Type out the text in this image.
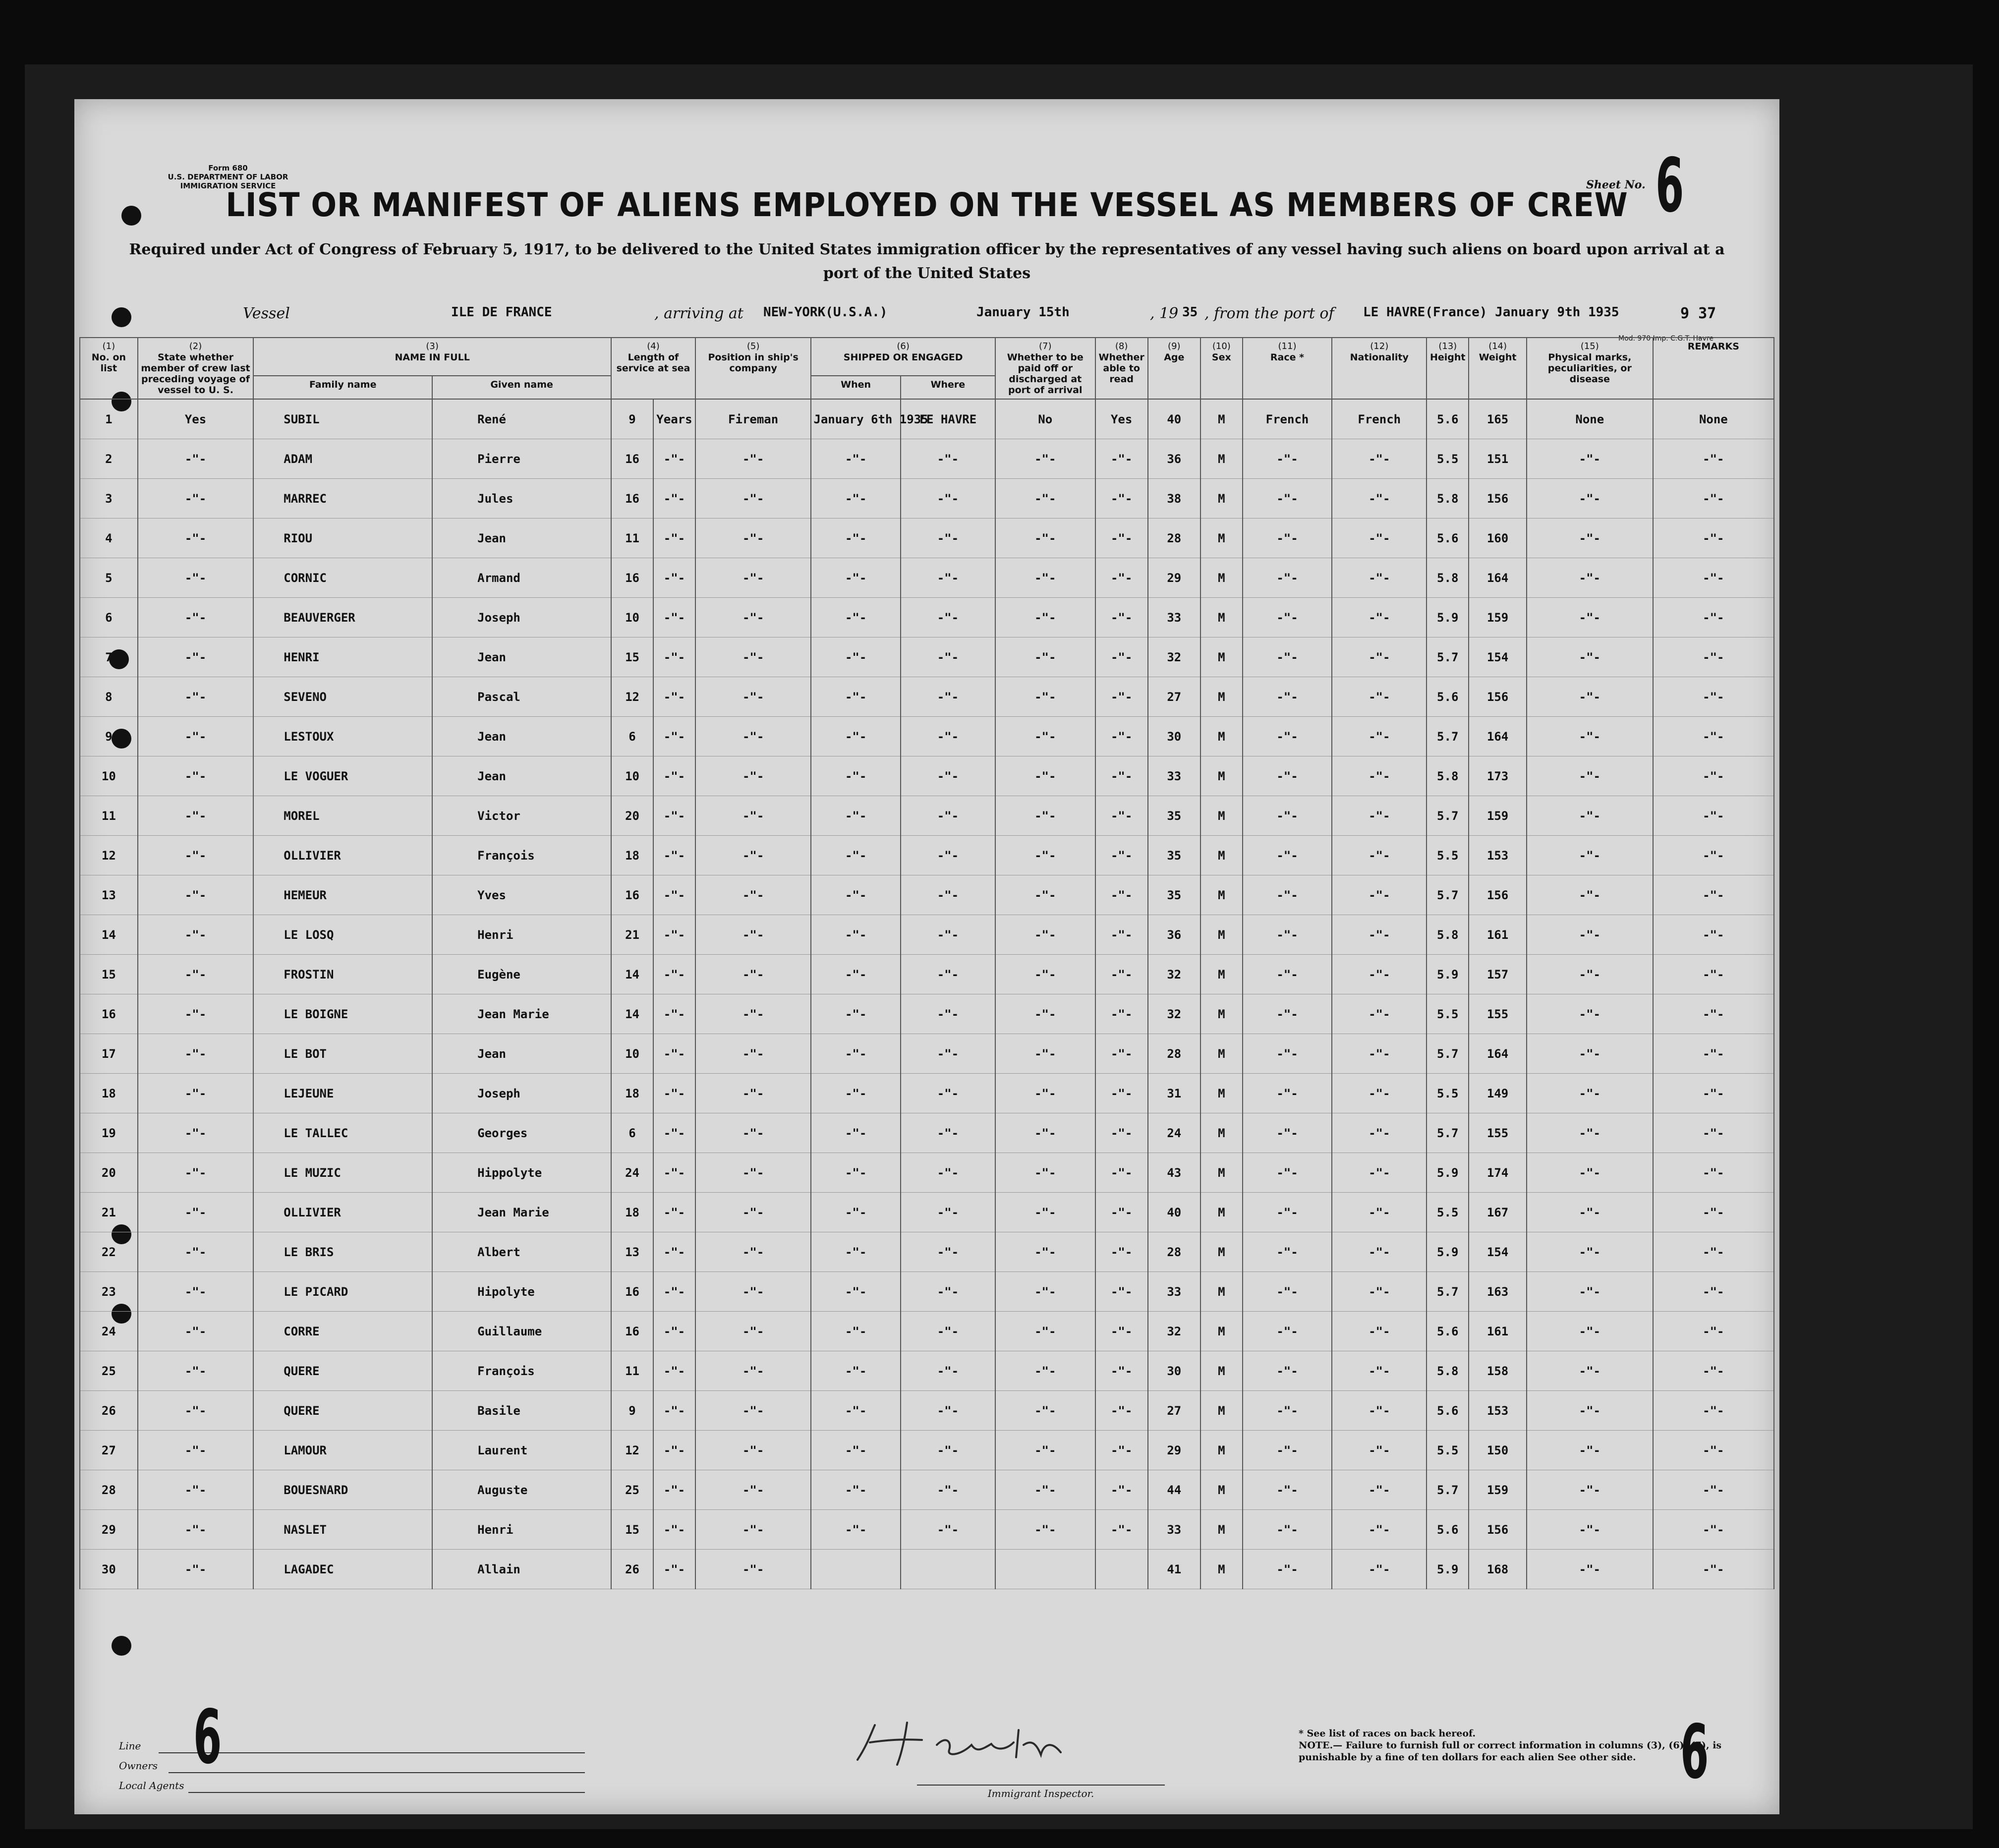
Form 680
U.S. DEPARTMENT OF LABOR
IMMIGRATION SERVICE	Sheet No. 6
LIST OR MANIFEST OF ALIENS EMPLOYED ON THE VESSEL AS MEMBERS OF CREW
Required under Act of Congress of February 5, 1917, to be delivered to the United States immigration officer by the representatives of any vessel having such aliens on board upon arrival at a port of the United States
Vessel	ILE DE FRANCE	, arriving at NEW-YORK(U.S.A.)	January 15th	, 19 35 , from the port of LE HAVRE(France) January 9th 1935	9 37
Mod. 970 Imp. C.G.T. Havre
(1)
No. on list	(2)
State whether member of crew last preceding voyage of vessel to U. S.	(3)
NAME IN FULL		(4)
Length of service at sea		(5)
Position in ship's company	(6)
SHIPPED OR ENGAGED		(7)
Whether to be paid off or discharged at port of arrival	(8)
Whether able to read	(9)
Age	(10)
Sex	(11)
Race *	(12)
Nationality	(13)
Height	(14)
Weight	(15)
Physical marks, peculiarities, or disease	REMARKS
		Family name	Given name				When	Where										
1	Yes	SUBIL	René	9	Years	Fireman	January 6th 1935	LE HAVRE	No	Yes	40	M	French	French	5.6	165	None	None
2	-"-	ADAM	Pierre	16	-"-	-"-	-"-	-"-	-"-	-"-	36	M	-"-	-"-	5.5	151	-"-	-"-
3	-"-	MARREC	Jules	16	-"-	-"-	-"-	-"-	-"-	-"-	38	M	-"-	-"-	5.8	156	-"-	-"-
4	-"-	RIOU	Jean	11	-"-	-"-	-"-	-"-	-"-	-"-	28	M	-"-	-"-	5.6	160	-"-	-"-
5	-"-	CORNIC	Armand	16	-"-	-"-	-"-	-"-	-"-	-"-	29	M	-"-	-"-	5.8	164	-"-	-"-
6	-"-	BEAUVERGER	Joseph	10	-"-	-"-	-"-	-"-	-"-	-"-	33	M	-"-	-"-	5.9	159	-"-	-"-
7	-"-	HENRI	Jean	15	-"-	-"-	-"-	-"-	-"-	-"-	32	M	-"-	-"-	5.7	154	-"-	-"-
8	-"-	SEVENO	Pascal	12	-"-	-"-	-"-	-"-	-"-	-"-	27	M	-"-	-"-	5.6	156	-"-	-"-
9	-"-	LESTOUX	Jean	6	-"-	-"-	-"-	-"-	-"-	-"-	30	M	-"-	-"-	5.7	164	-"-	-"-
10	-"-	LE VOGUER	Jean	10	-"-	-"-	-"-	-"-	-"-	-"-	33	M	-"-	-"-	5.8	173	-"-	-"-
11	-"-	MOREL	Victor	20	-"-	-"-	-"-	-"-	-"-	-"-	35	M	-"-	-"-	5.7	159	-"-	-"-
12	-"-	OLLIVIER	François	18	-"-	-"-	-"-	-"-	-"-	-"-	35	M	-"-	-"-	5.5	153	-"-	-"-
13	-"-	HEMEUR	Yves	16	-"-	-"-	-"-	-"-	-"-	-"-	35	M	-"-	-"-	5.7	156	-"-	-"-
14	-"-	LE LOSQ	Henri	21	-"-	-"-	-"-	-"-	-"-	-"-	36	M	-"-	-"-	5.8	161	-"-	-"-
15	-"-	FROSTIN	Eugène	14	-"-	-"-	-"-	-"-	-"-	-"-	32	M	-"-	-"-	5.9	157	-"-	-"-
16	-"-	LE BOIGNE	Jean Marie	14	-"-	-"-	-"-	-"-	-"-	-"-	32	M	-"-	-"-	5.5	155	-"-	-"-
17	-"-	LE BOT	Jean	10	-"-	-"-	-"-	-"-	-"-	-"-	28	M	-"-	-"-	5.7	164	-"-	-"-
18	-"-	LEJEUNE	Joseph	18	-"-	-"-	-"-	-"-	-"-	-"-	31	M	-"-	-"-	5.5	149	-"-	-"-
19	-"-	LE TALLEC	Georges	6	-"-	-"-	-"-	-"-	-"-	-"-	24	M	-"-	-"-	5.7	155	-"-	-"-
20	-"-	LE MUZIC	Hippolyte	24	-"-	-"-	-"-	-"-	-"-	-"-	43	M	-"-	-"-	5.9	174	-"-	-"-
21	-"-	OLLIVIER	Jean Marie	18	-"-	-"-	-"-	-"-	-"-	-"-	40	M	-"-	-"-	5.5	167	-"-	-"-
22	-"-	LE BRIS	Albert	13	-"-	-"-	-"-	-"-	-"-	-"-	28	M	-"-	-"-	5.9	154	-"-	-"-
23	-"-	LE PICARD	Hipolyte	16	-"-	-"-	-"-	-"-	-"-	-"-	33	M	-"-	-"-	5.7	163	-"-	-"-
24	-"-	CORRE	Guillaume	16	-"-	-"-	-"-	-"-	-"-	-"-	32	M	-"-	-"-	5.6	161	-"-	-"-
25	-"-	QUERE	François	11	-"-	-"-	-"-	-"-	-"-	-"-	30	M	-"-	-"-	5.8	158	-"-	-"-
26	-"-	QUERE	Basile	9	-"-	-"-	-"-	-"-	-"-	-"-	27	M	-"-	-"-	5.6	153	-"-	-"-
27	-"-	LAMOUR	Laurent	12	-"-	-"-	-"-	-"-	-"-	-"-	29	M	-"-	-"-	5.5	150	-"-	-"-
28	-"-	BOUESNARD	Auguste	25	-"-	-"-	-"-	-"-	-"-	-"-	44	M	-"-	-"-	5.7	159	-"-	-"-
29	-"-	NASLET	Henri	15	-"-	-"-	-"-	-"-	-"-	-"-	33	M	-"-	-"-	5.6	156	-"-	-"-
30	-"-	LAGADEC	Allain	26	-"-	-"-					41	M	-"-	-"-	5.9	168	-"-	-"-
Line
Owners
Local Agents
6
Immigrant Inspector.
* See list of races on back hereof.
NOTE.— Failure to furnish full or correct information in columns (3), (6), (7), is punishable by a fine of ten dollars for each alien See other side. 6
